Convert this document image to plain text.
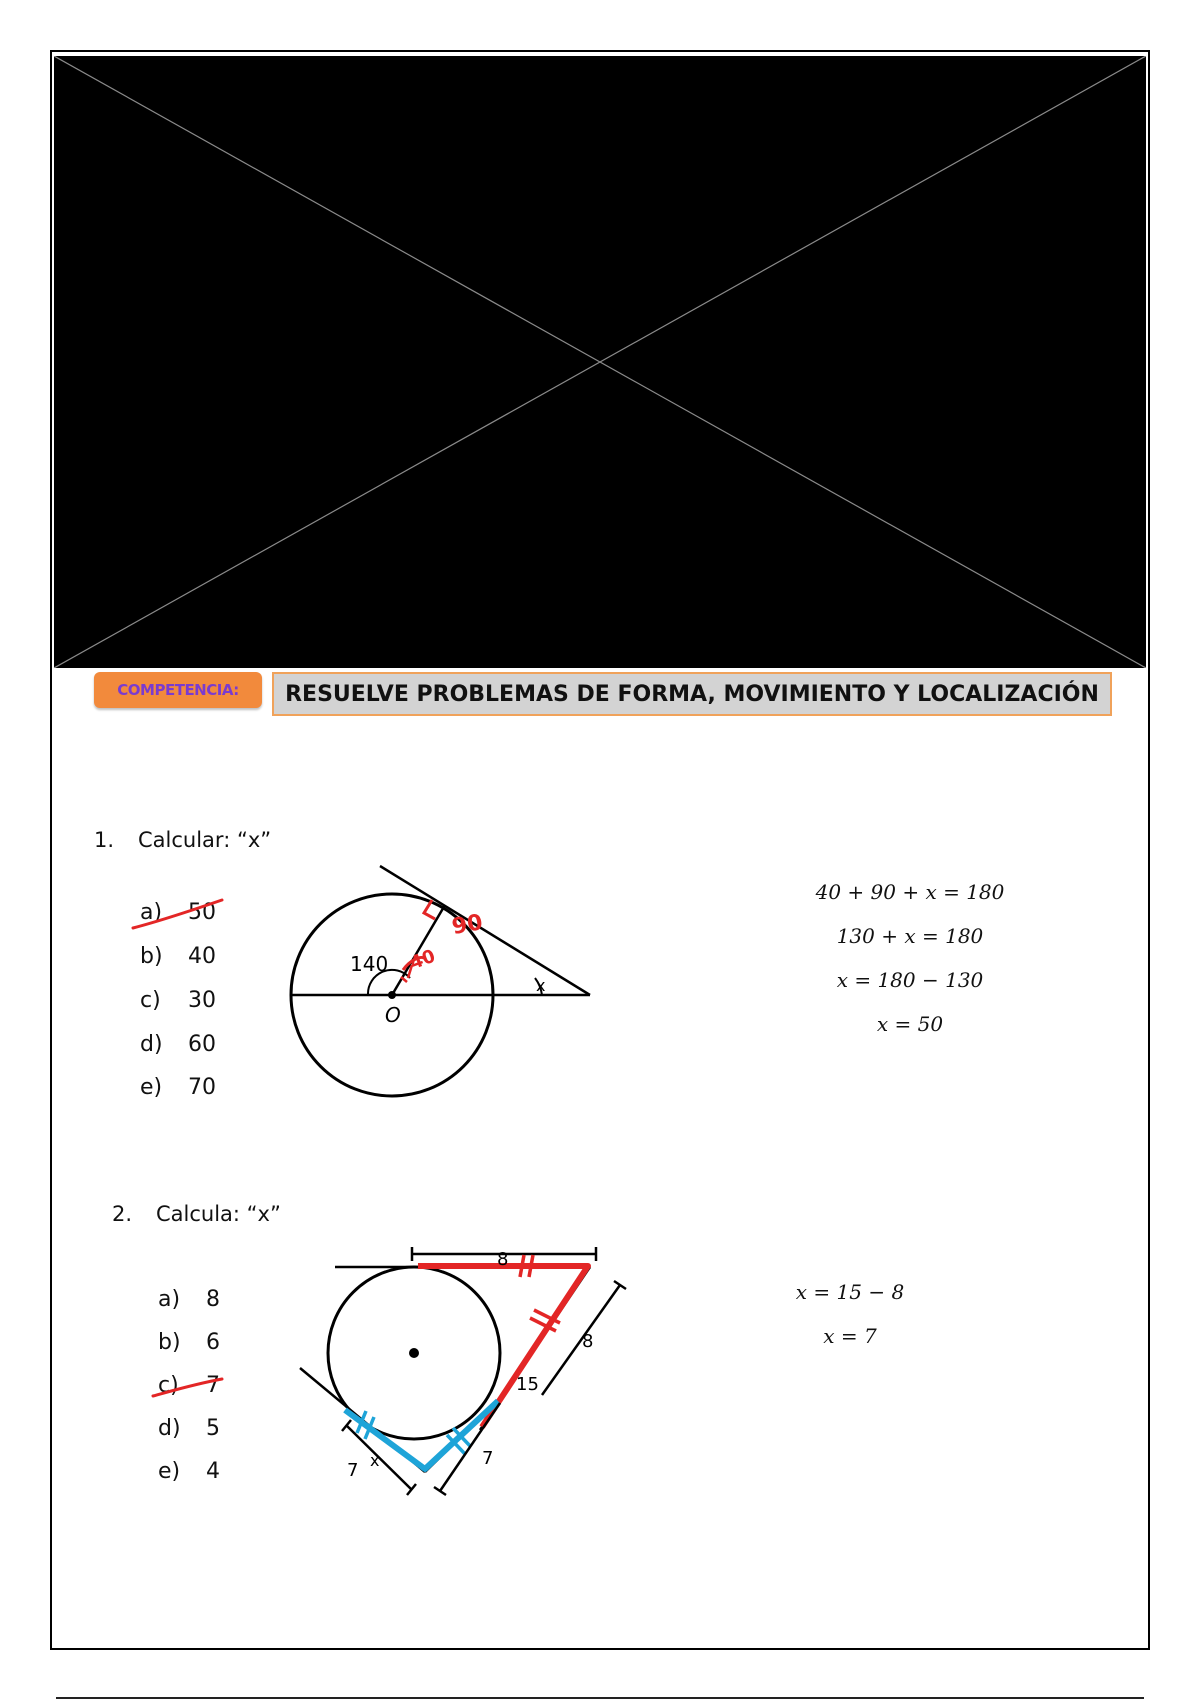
COMPETENCIA:	RESUELVE PROBLEMAS DE FORMA, MOVIMIENTO Y LOCALIZACIÓN
1. Calcular: “x”
a) 50
b) 40
c) 30
d) 60
e) 70
140
O
x
40
90
40 + 90 + x = 180
130 + x = 180
x = 180 − 130
x = 50
2. Calcula: “x”
a) 8
b) 6
c) 7
d) 5
e) 4
8
8
15
7
7 x
x = 15 − 8
x = 7
